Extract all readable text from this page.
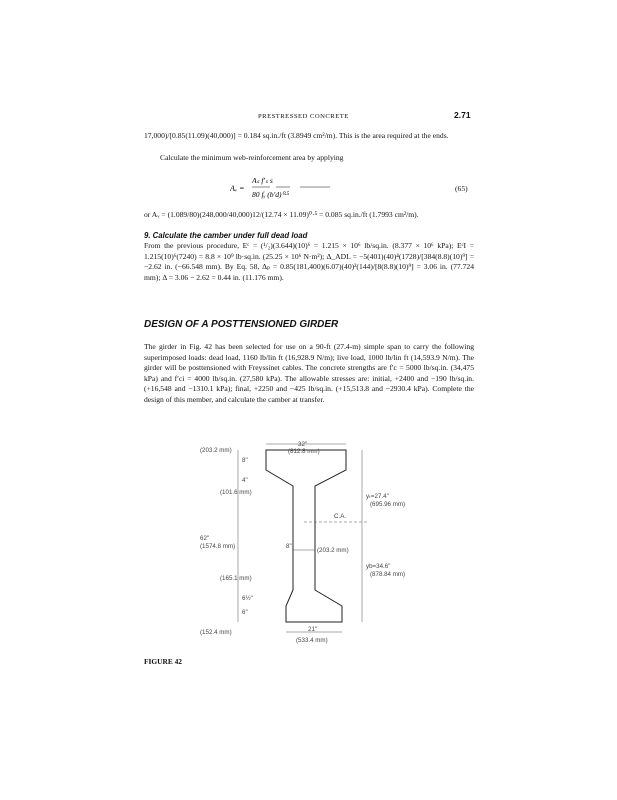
PRESTRESSED CONCRETE	2.71
17,000)/[0.85(11.09)(40,000)] = 0.184 sq.in./ft (3.8949 cm²/m). This is the area required at the ends.
Calculate the minimum web-reinforcement area by applying
Aᵥ =
Aₛ f′ₛ s
80 fᵧ (b′d)⁰·⁵
(65)
or Aᵥ = (1.089/80)(248,000/40,000)12/(12.74 × 11.09)⁰·⁵ = 0.085 sq.in./ft (1.7993 cm²/m).
9. Calculate the camber under full dead load
From the previous procedure, Eᶜ = (¹/₂)(3.644)(10)⁶ = 1.215 × 10⁶ lb/sq.in. (8.377 × 10⁶ kPa); EᶜI = 1.215(10)⁶(7240) = 8.8 × 10⁹ lb·sq.in. (25.25 × 10⁶ N·m²); Δ_ADL = −5(401)(40)⁴(1728)/[384(8.8)(10)⁹] = −2.62 in. (−66.548 mm). By Eq. 58, Δₚ = 0.85(181,400)(6.07)(40)²(144)/[8(8.8)(10)⁹] = 3.06 in. (77.724 mm); Δ = 3.06 − 2.62 = 0.44 in. (11.176 mm).
DESIGN OF A POSTTENSIONED GIRDER
The girder in Fig. 42 has been selected for use on a 90-ft (27.4-m) simple span to carry the following superimposed loads: dead load, 1160 lb/lin ft (16,928.9 N/m); live load, 1000 lb/lin ft (14,593.9 N/m). The girder will be posttensioned with Freyssinet cables. The concrete strengths are f′c = 5000 lb/sq.in. (34,475 kPa) and f′ci = 4000 lb/sq.in. (27,580 kPa). The allowable stresses are: initial, +2400 and −190 lb/sq.in. (+16,548 and −1310.1 kPa); final, +2250 and −425 lb/sq.in. (+15,513.8 and −2930.4 kPa). Complete the design of this member, and calculate the camber at transfer.
(203.2 mm)
32"
(812.8 mm)
8"
4"
(101.6 mm)
yₜ=27.4"
(695.96 mm)
C.A.
62"
(1574.8 mm)	8"
(203.2 mm)
yb=34.6"
(878.84 mm)
(165.1 mm)
6½"
6"
(152.4 mm)	21"
(533.4 mm)
FIGURE 42
